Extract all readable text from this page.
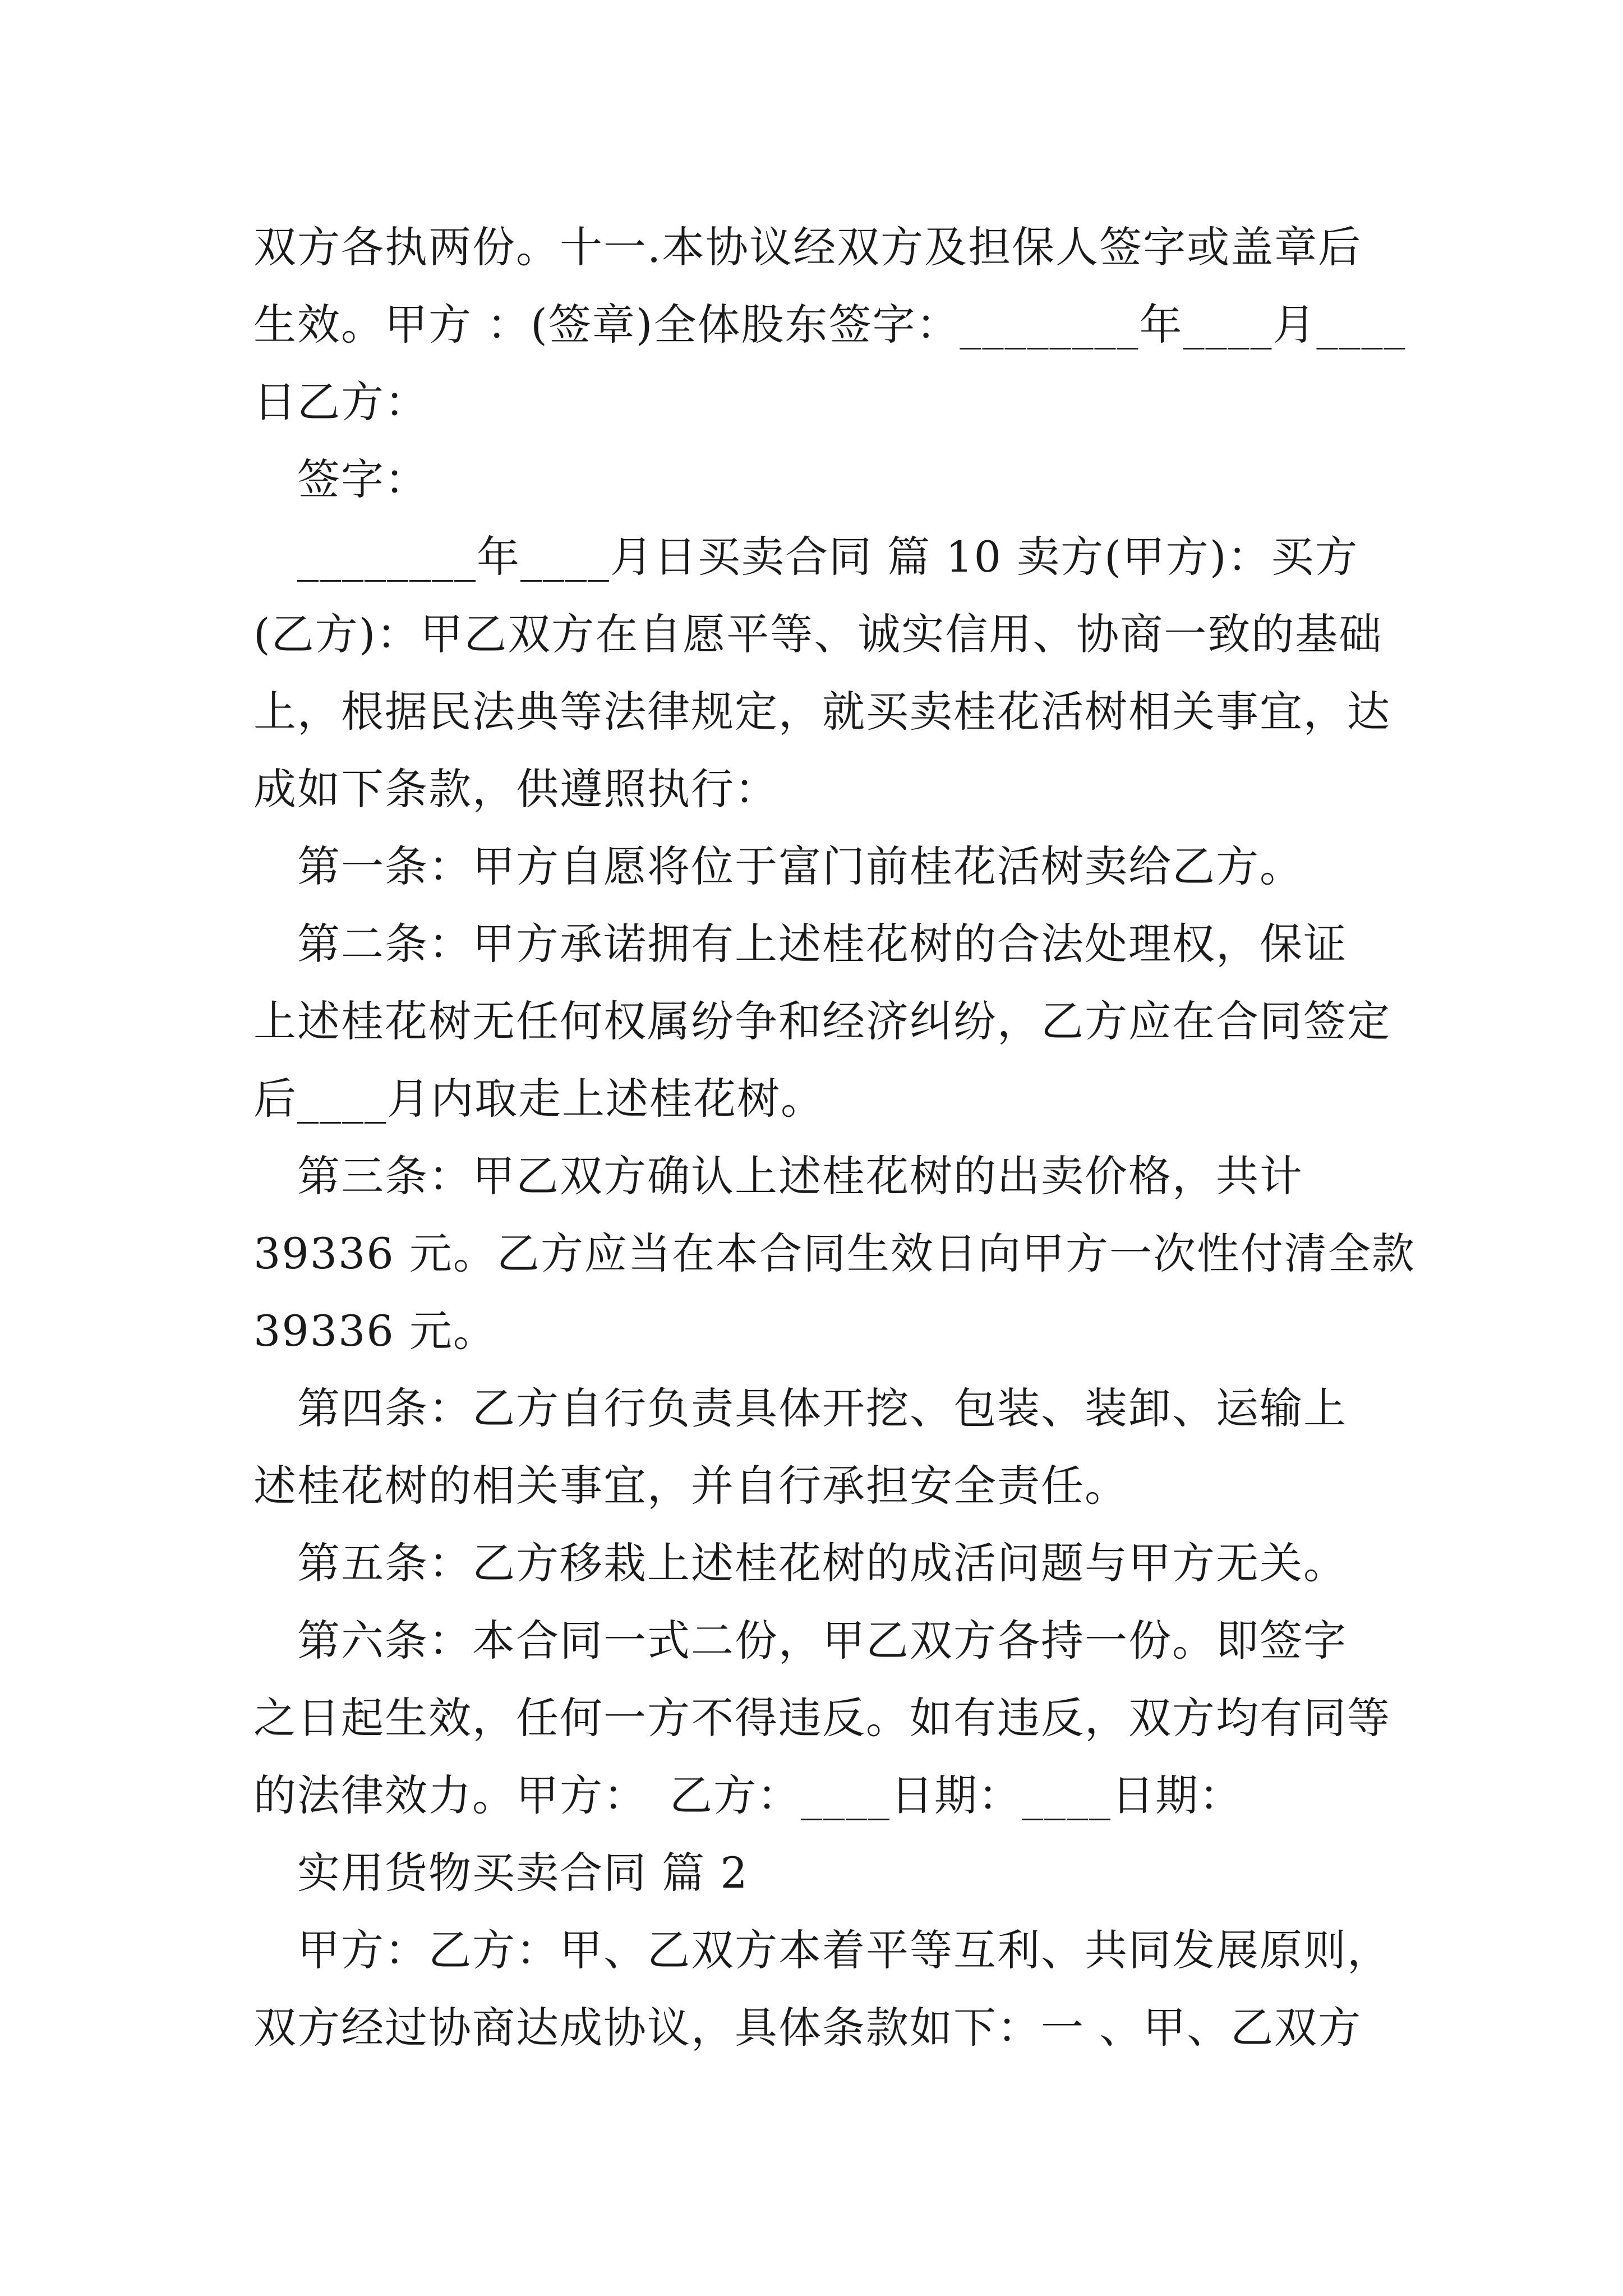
双方各执两份。十一.本协议经双方及担保人签字或盖章后
生效。甲方 ：(签章)全体股东签字：________年____月____
日乙方：
　签字：
　________年____月日买卖合同 篇 10 卖方(甲方)：买方
(乙方)：甲乙双方在自愿平等、诚实信用、协商一致的基础
上，根据民法典等法律规定，就买卖桂花活树相关事宜，达
成如下条款，供遵照执行：
　第一条：甲方自愿将位于富门前桂花活树卖给乙方。
　第二条：甲方承诺拥有上述桂花树的合法处理权，保证
上述桂花树无任何权属纷争和经济纠纷，乙方应在合同签定
后____月内取走上述桂花树。
　第三条：甲乙双方确认上述桂花树的出卖价格，共计
39336 元。乙方应当在本合同生效日向甲方一次性付清全款
39336 元。
　第四条：乙方自行负责具体开挖、包装、装卸、运输上
述桂花树的相关事宜，并自行承担安全责任。
　第五条：乙方移栽上述桂花树的成活问题与甲方无关。
　第六条：本合同一式二份，甲乙双方各持一份。即签字
之日起生效，任何一方不得违反。如有违反，双方均有同等
的法律效力。甲方：　乙方：____日期：____日期：
　实用货物买卖合同 篇 2
　甲方：乙方：甲、乙双方本着平等互利、共同发展原则，
双方经过协商达成协议，具体条款如下：一 、甲、乙双方
